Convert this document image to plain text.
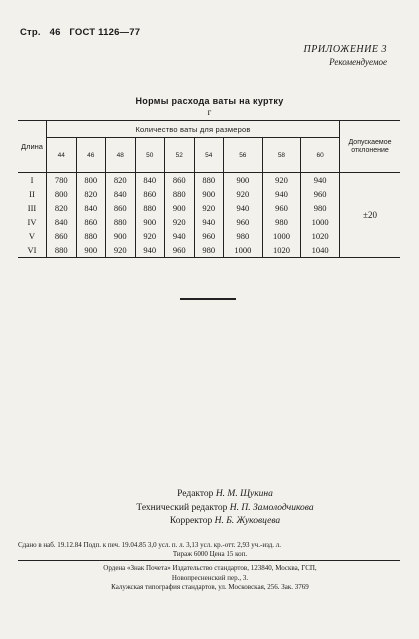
Стр. 46 ГОСТ 1126—77
ПРИЛОЖЕНИЕ 3
Рекомендуемое
Нормы расхода ваты на куртку
г
Длина	Количество ваты для размеров									Допускаемое
отклонение

	44	46	48	50	52	54	56	58	60	
I	780	800	820	840	860	880	900	920	940	±20
II	800	820	840	860	880	900	920	940	960	
III	820	840	860	880	900	920	940	960	980	
IV	840	860	880	900	920	940	960	980	1000	
V	860	880	900	920	940	960	980	1000	1020	
VI	880	900	920	940	960	980	1000	1020	1040	
Редактор Н. М. Щукина
Технический редактор Н. П. Замолодчикова
Корректор Н. Б. Жуковцева
Сдано в наб. 19.12.84 Подп. к печ. 19.04.85 3,0 усл. п. л. 3,13 усл. кр.-отт. 2,93 уч.-изд. л.
Тираж 6000 Цена 15 коп.
Ордена «Знак Почета» Издательство стандартов, 123840, Москва, ГСП,
Новопресненский пер., 3.
Калужская типография стандартов, ул. Московская, 256. Зак. 3769
